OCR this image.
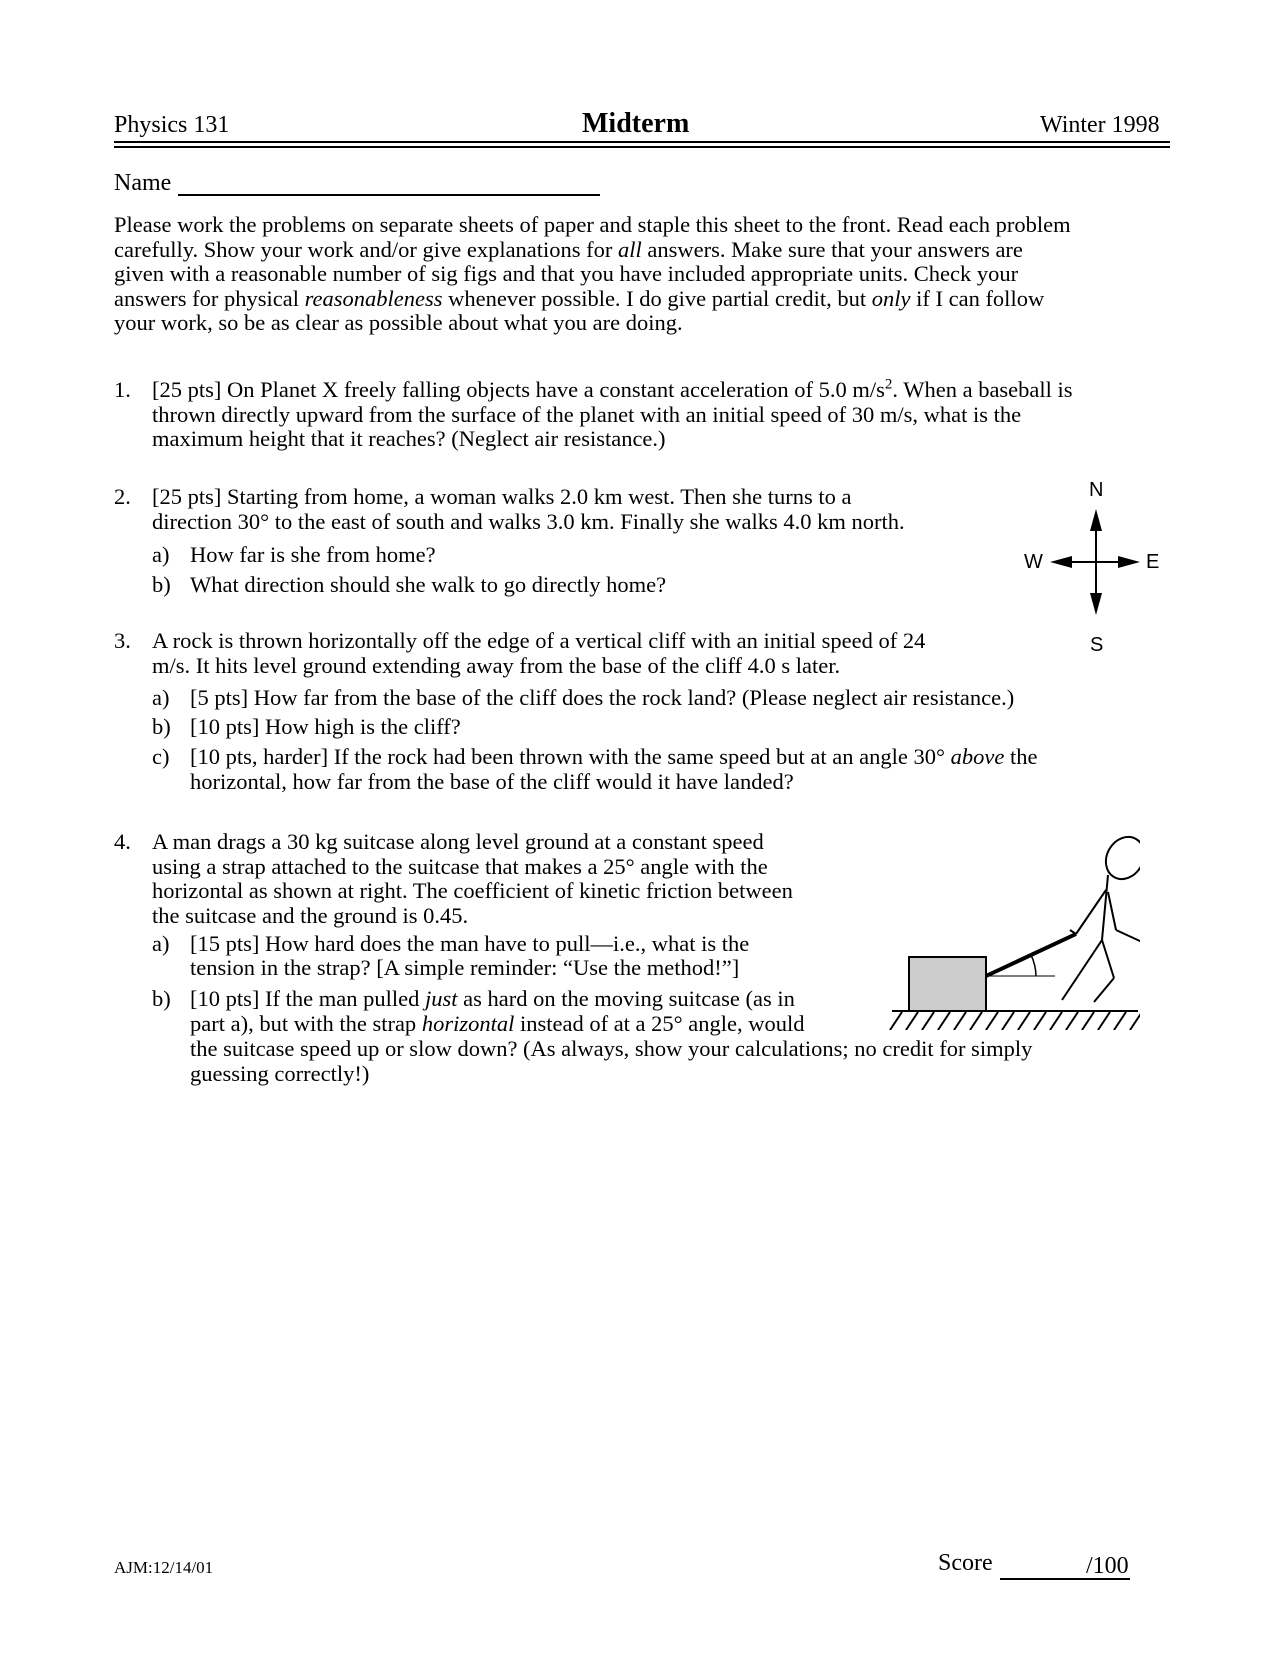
Physics 131	Midterm	Winter 1998
Name
Please work the problems on separate sheets of paper and staple this sheet to the front. Read each problem
carefully. Show your work and/or give explanations for all answers. Make sure that your answers are
given with a reasonable number of sig figs and that you have included appropriate units. Check your
answers for physical reasonableness whenever possible. I do give partial credit, but only if I can follow
your work, so be as clear as possible about what you are doing.
1. [25 pts] On Planet X freely falling objects have a constant acceleration of 5.0 $m/s^2$. When a baseball is
thrown directly upward from the surface of the planet with an initial speed of 30 m/s, what is the
maximum height that it reaches? (Neglect air resistance.)
2. [25 pts] Starting from home, a woman walks 2.0 km west. Then she turns to a
direction 30° to the east of south and walks 3.0 km. Finally she walks 4.0 km north.
a) How far is she from home?
b) What direction should she walk to go directly home?
N
S
W	E
3. A rock is thrown horizontally off the edge of a vertical cliff with an initial speed of 24
m/s. It hits level ground extending away from the base of the cliff 4.0 s later.
a) [5 pts] How far from the base of the cliff does the rock land? (Please neglect air resistance.)
b) [10 pts] How high is the cliff?
c) [10 pts, harder] If the rock had been thrown with the same speed but at an angle 30° above the
horizontal, how far from the base of the cliff would it have landed?
4. A man drags a 30 kg suitcase along level ground at a constant speed
using a strap attached to the suitcase that makes a 25° angle with the
horizontal as shown at right. The coefficient of kinetic friction between
the suitcase and the ground is 0.45.
a) [15 pts] How hard does the man have to pull—i.e., what is the
tension in the strap? [A simple reminder: “Use the method!”]
b) [10 pts] If the man pulled just as hard on the moving suitcase (as in
part a), but with the strap horizontal instead of at a 25° angle, would
the suitcase speed up or slow down? (As always, show your calculations; no credit for simply
guessing correctly!)
AJM:12/14/01	Score	/100
